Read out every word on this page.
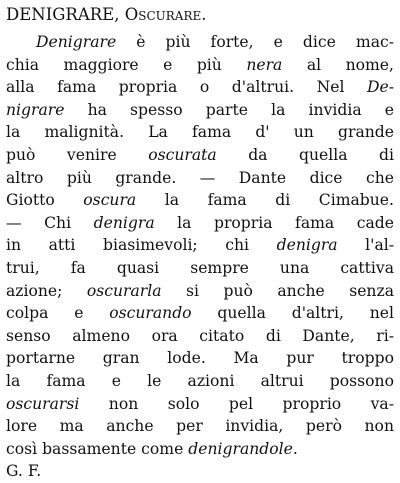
DENIGRARE, Oscurare.
Denigrare è più forte, e dice mac-
chia maggiore e più nera al nome,
alla fama propria o d'altrui. Nel De-
nigrare ha spesso parte la invidia e
la malignità. La fama d' un grande
può venire oscurata da quella di
altro più grande. — Dante dice che
Giotto oscura la fama di Cimabue.
— Chi denigra la propria fama cade
in atti biasimevoli; chi denigra l'al-
trui, fa quasi sempre una cattiva
azione; oscurarla si può anche senza
colpa e oscurando quella d'altri, nel
senso almeno ora citato di Dante, ri-
portarne gran lode. Ma pur troppo
la fama e le azioni altrui possono
oscurarsi non solo pel proprio va-
lore ma anche per invidia, però non
così bassamente come denigrandole.
G. F.
